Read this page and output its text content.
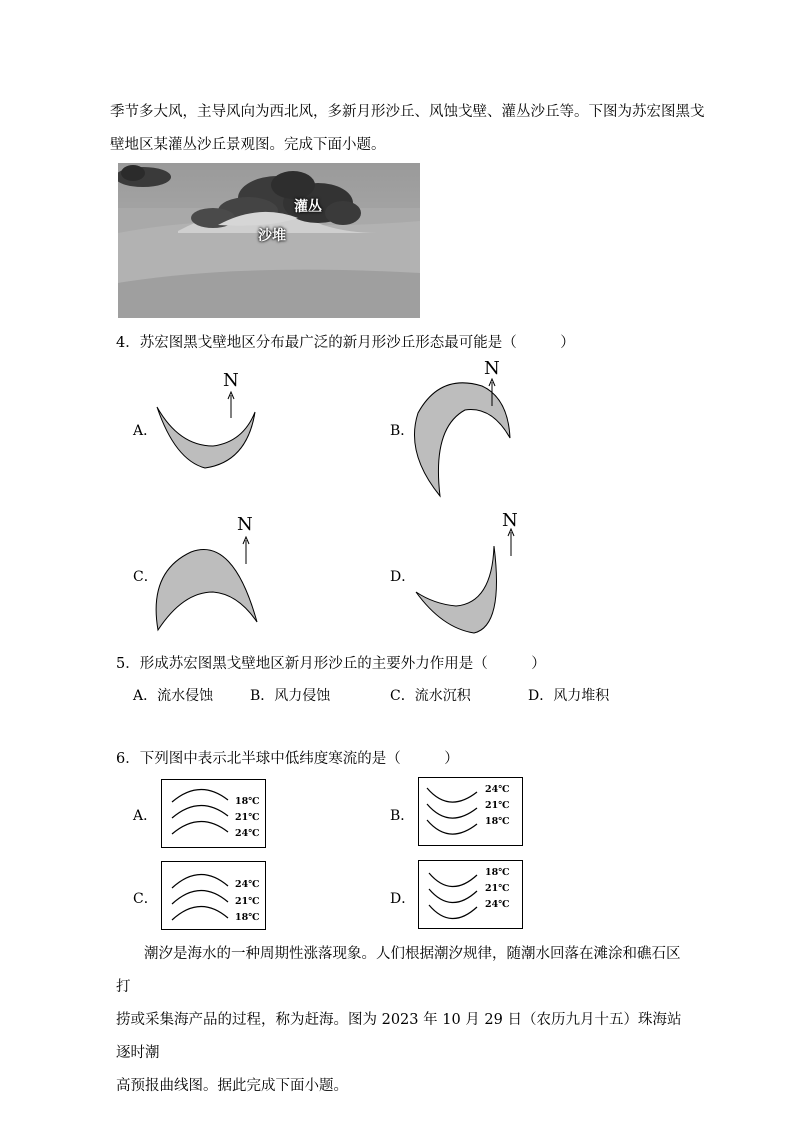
季节多大风，主导风向为西北风，多新月形沙丘、风蚀戈壁、灌丛沙丘等。下图为苏宏图黑戈
壁地区某灌丛沙丘景观图。完成下面小题。
灌丛
沙堆
4．苏宏图黑戈壁地区分布最广泛的新月形沙丘形态最可能是（　　　）
A．
N
B．
N
C．
N
D．
N
5．形成苏宏图黑戈壁地区新月形沙丘的主要外力作用是（　　　）
A．流水侵蚀	B．风力侵蚀	C．流水沉积	D．风力堆积
6．下列图中表示北半球中低纬度寒流的是（　　　）
A．
18℃
21℃
24℃
B．
24℃
21℃
18℃
C．
24℃
21℃
18℃
D．
18℃
21℃
24℃
潮汐是海水的一种周期性涨落现象。人们根据潮汐规律，随潮水回落在滩涂和礁石区打
捞或采集海产品的过程，称为赶海。图为 2023 年 10 月 29 日（农历九月十五）珠海站逐时潮
高预报曲线图。据此完成下面小题。
